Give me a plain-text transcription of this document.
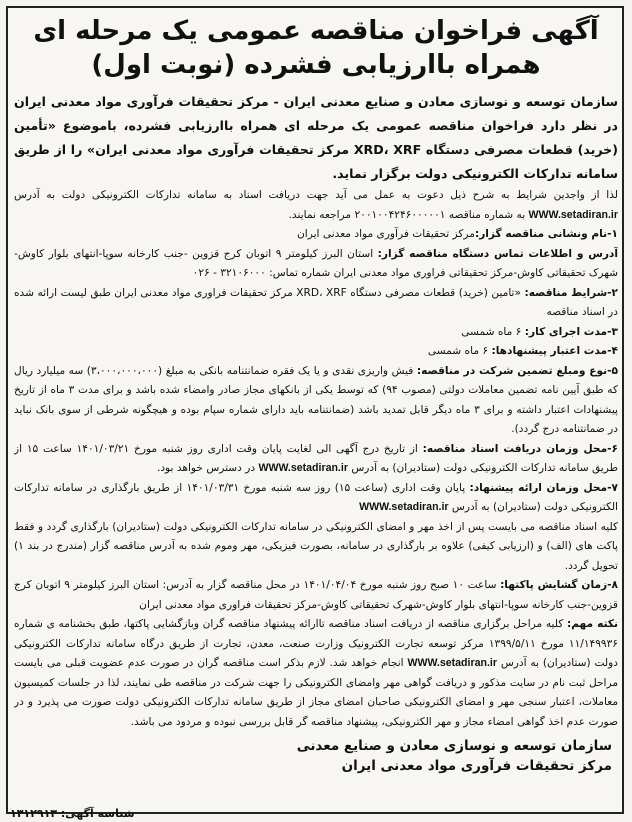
آگهی فراخوان مناقصه عمومی یک مرحله ای
همراه باارزیابی فشرده (نوبت اول)

سازمان توسعه و نوسازی معادن و صنایع معدنی ایران - مرکز تحقیقات فرآوری مواد معدنی ایران در نظر دارد فراخوان مناقصه عمومی یک مرحله ای همراه باارزیابی فشرده، باموضوع «تأمین (خرید) قطعات مصرفی دستگاه XRD، XRF مرکز تحقیقات فرآوری مواد معدنی ایران» را از طریق سامانه تدارکات الکترونیکی دولت برگزار نماید.

لذا از واجدین شرایط به شرح ذیل دعوت به عمل می آید جهت دریافت اسناد به سامانه تدارکات الکترونیکی دولت به آدرس WWW.setadiran.ir به شماره مناقصه ۲۰۰۱۰۰۴۲۴۶۰۰۰۰۰۱ مراجعه نمایند.

۱-نام ونشانی مناقصه گزار:مرکز تحقیقات فرآوری مواد معدنی ایران

آدرس و اطلاعات تماس دستگاه مناقصه گزار: استان البرز کیلومتر ۹ اتوبان کرج قزوین -جنب کارخانه سوپا-انتهای بلوار کاوش- شهرک تحقیقاتی کاوش-مرکز تحقیقاتی فراوری مواد معدنی ایران شماره تماس: ۳۲۱۰۶۰۰۰ - ۰۲۶

۲-شرایط مناقصه: «تامین (خرید) قطعات مصرفی دستگاه XRD، XRF مرکز تحقیقات فراوری مواد معدنی ایران طبق لیست ارائه شده در اسناد مناقصه

۳-مدت اجرای کار: ۶ ماه شمسی

۴-مدت اعتبار پیشنهادها: ۶ ماه شمسی

۵-نوع ومبلغ تضمین شرکت در مناقصه: فیش واریزی نقدی و یا یک فقره ضمانتنامه بانکی به مبلغ (۳،۰۰۰،۰۰۰،۰۰۰) سه میلیارد ریال که طبق آیین نامه تضمین معاملات دولتی (مصوب ۹۴) که توسط یکی از بانکهای مجاز صادر وامضاء شده باشد و برای مدت ۳ ماه از تاریخ پیشنهادات اعتبار داشته و برای ۳ ماه دیگر قابل تمدید باشد (ضمانتنامه باید دارای شماره سپام بوده و هیچگونه شرطی از سوی بانک نباید در ضمانتنامه درج گردد).

۶-محل وزمان دریافت اسناد مناقصه: از تاریخ درج آگهی الی لغایت پایان وقت اداری روز شنبه مورخ ۱۴۰۱/۰۳/۲۱ ساعت ۱۵ از طریق سامانه تدارکات الکترونیکی دولت (ستادیران) به آدرس WWW.setadiran.ir در دسترس خواهد بود.

۷-محل وزمان ارائه پیشنهاد: پایان وقت اداری (ساعت ۱۵) روز سه شنبه مورخ ۱۴۰۱/۰۳/۳۱ از طریق بارگذاری در سامانه تدارکات الکترونیکی دولت (ستادیران) به آدرس WWW.setadiran.ir

کلیه اسناد مناقصه می بایست پس از اخذ مهر و امضای الکترونیکی در سامانه تدارکات الکترونیکی دولت (ستادیران) بارگذاری گردد و فقط پاکت های (الف) و (ارزیابی کیفی) علاوه بر بارگذاری در سامانه، بصورت فیزیکی، مهر وموم شده به آدرس مناقصه گزار (مندرج در بند ۱) تحویل گردد.

۸-زمان گشایش پاکتها: ساعت ۱۰ صبح روز شنبه مورخ ۱۴۰۱/۰۴/۰۴ در محل مناقصه گزار به آدرس: استان البرز کیلومتر ۹ اتوبان کرج قزوین-جنب کارخانه سوپا-انتهای بلوار کاوش-شهرک تحقیقاتی کاوش-مرکز تحقیقات فراوری مواد معدنی ایران

نکته مهم: کلیه مراحل برگزاری مناقصه از دریافت اسناد مناقصه تاارائه پیشنهاد مناقصه گران وبازگشایی پاکتها، طبق بخشنامه ی شماره ۱۱/۱۴۹۹۳۶ مورخ ۱۳۹۹/۵/۱۱ مرکز توسعه تجارت الکترونیک وزارت صنعت، معدن، تجارت از طریق درگاه سامانه تدارکات الکترونیکی دولت (ستادیران) به آدرس WWW.setadiran.ir انجام خواهد شد. لازم بذکر است مناقصه گران در صورت عدم عضویت قبلی می بایست مراحل ثبت نام در سایت مذکور و دریافت گواهی مهر وامضای الکترونیکی را جهت شرکت در مناقصه طی نمایند، لذا در جلسات کمیسیون معاملات، اعتبار سنجی مهر و امضای الکترونیکی صاحبان امضای مجاز از طریق سامانه تدارکات الکترونیکی دولت صورت می پذیرد و در صورت عدم اخذ گواهی امضاء مجاز و مهر الکترونیکی، پیشنهاد مناقصه گر قابل بررسی نبوده و مردود می باشد.

سازمان توسعه و نوسازی معادن و صنایع معدنی
مرکز تحقیقات فرآوری مواد معدنی ایران
شناسه آگهی: ۱۳۱۲۹۱۳
